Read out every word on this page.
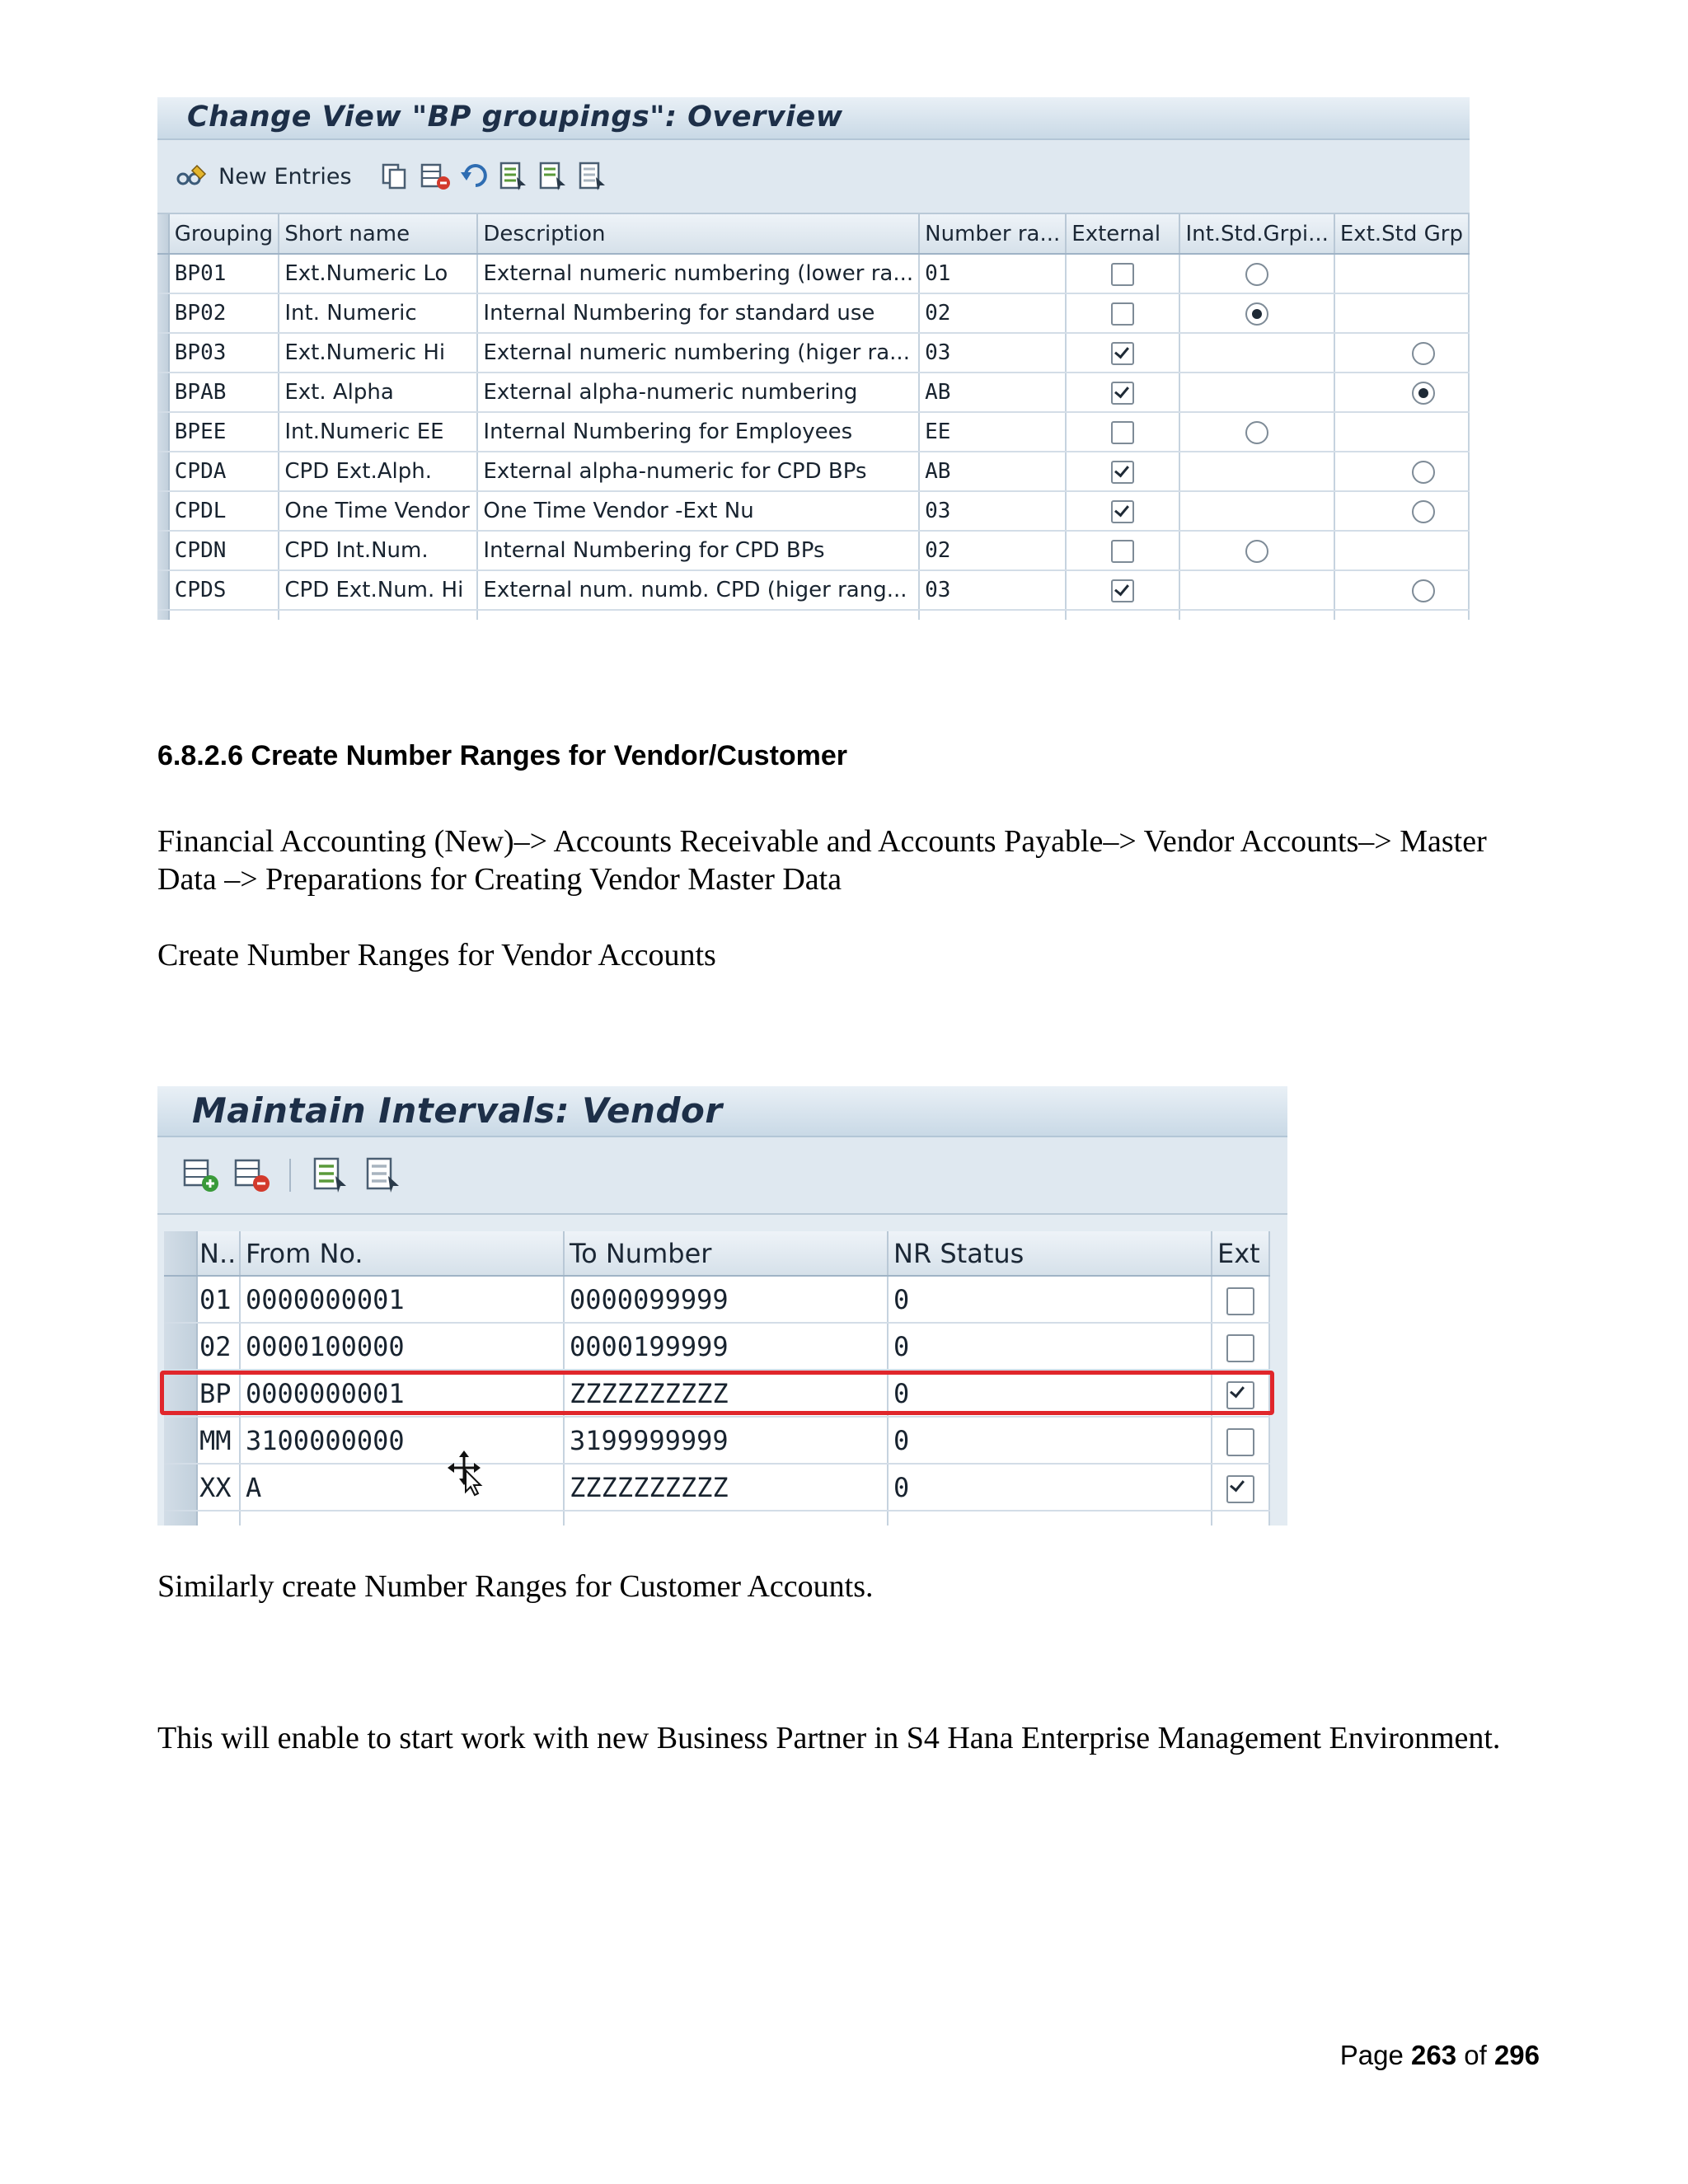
Change View "BP groupings": Overview
New Entries
	Grouping	Short name	Description	Number ra...	External	Int.Std.Grpi...	Ext.Std Grp
	BP01	Ext.Numeric Lo	External numeric numbering (lower ra...	01			
	BP02	Int. Numeric	Internal Numbering for standard use	02			
	BP03	Ext.Numeric Hi	External numeric numbering (higer ra...	03			
	BPAB	Ext. Alpha	External alpha-numeric numbering	AB			
	BPEE	Int.Numeric EE	Internal Numbering for Employees	EE			
	CPDA	CPD Ext.Alph.	External alpha-numeric for CPD BPs	AB			
	CPDL	One Time Vendor	One Time Vendor -Ext Nu	03			
	CPDN	CPD Int.Num.	Internal Numbering for CPD BPs	02			
	CPDS	CPD Ext.Num. Hi	External num. numb. CPD (higer rang...	03			

6.8.2.6 Create Number Ranges for Vendor/Customer
Financial Accounting (New)–> Accounts Receivable and Accounts Payable–> Vendor Accounts–> Master Data –> Preparations for Creating Vendor Master Data
Create Number Ranges for Vendor Accounts
Maintain Intervals: Vendor
	N..	From No.	To Number	NR Status	Ext
	01	0000000001	0000099999	0	
	02	0000100000	0000199999	0	
	BP	0000000001	ZZZZZZZZZZ	0	
	MM	3100000000	3199999999	0	
	XX	A	ZZZZZZZZZZ	0	

Similarly create Number Ranges for Customer Accounts.
This will enable to start work with new Business Partner in S4 Hana Enterprise Management Environment.
Page 263 of 296
